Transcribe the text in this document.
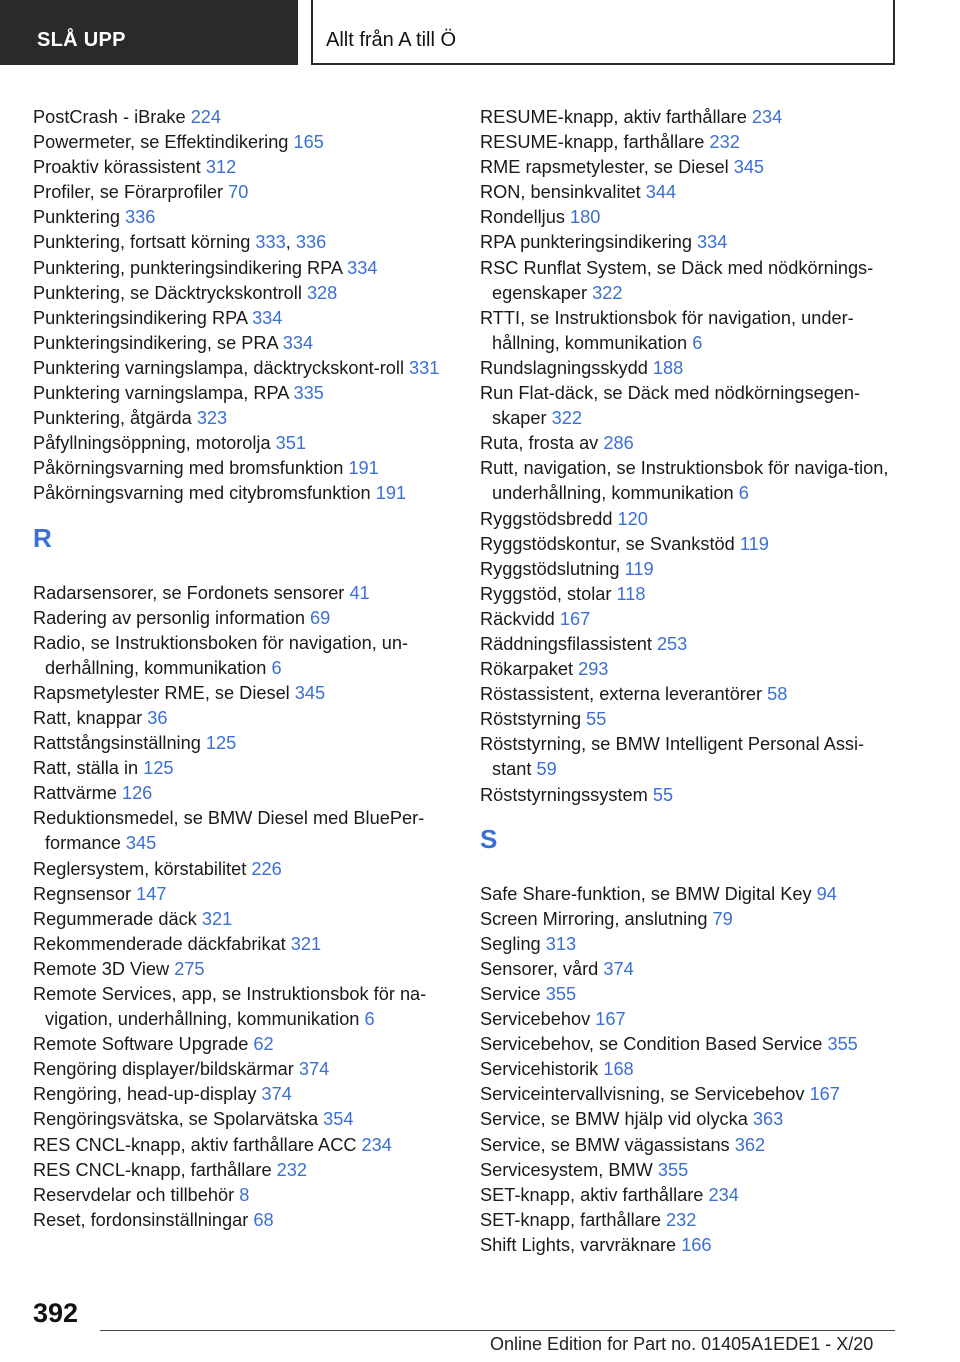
SLÅ UPP	Allt från A till Ö
PostCrash - iBrake 224
Powermeter, se Effektindikering 165
Proaktiv körassistent 312
Profiler, se Förarprofiler 70
Punktering 336
Punktering, fortsatt körning 333, 336
Punktering, punkteringsindikering RPA 334
Punktering, se Däcktryckskontroll 328
Punkteringsindikering RPA 334
Punkteringsindikering, se PRA 334
Punktering varningslampa, däcktryckskont-roll 331
Punktering varningslampa, RPA 335
Punktering, åtgärda 323
Påfyllningsöppning, motorolja 351
Påkörningsvarning med bromsfunktion 191
Påkörningsvarning med citybromsfunktion 191
R
Radarsensorer, se Fordonets sensorer 41
Radering av personlig information 69
Radio, se Instruktionsboken för navigation, un-derhållning, kommunikation 6
Rapsmetylester RME, se Diesel 345
Ratt, knappar 36
Rattstångsinställning 125
Ratt, ställa in 125
Rattvärme 126
Reduktionsmedel, se BMW Diesel med BluePer-formance 345
Reglersystem, körstabilitet 226
Regnsensor 147
Regummerade däck 321
Rekommenderade däckfabrikat 321
Remote 3D View 275
Remote Services, app, se Instruktionsbok för na-vigation, underhållning, kommunikation 6
Remote Software Upgrade 62
Rengöring displayer/bildskärmar 374
Rengöring, head-up-display 374
Rengöringsvätska, se Spolarvätska 354
RES CNCL-knapp, aktiv farthållare ACC 234
RES CNCL-knapp, farthållare 232
Reservdelar och tillbehör 8
Reset, fordonsinställningar 68
RESUME-knapp, aktiv farthållare 234
RESUME-knapp, farthållare 232
RME rapsmetylester, se Diesel 345
RON, bensinkvalitet 344
Rondelljus 180
RPA punkteringsindikering 334
RSC Runflat System, se Däck med nödkörnings-egenskaper 322
RTTI, se Instruktionsbok för navigation, under-hållning, kommunikation 6
Rundslagningsskydd 188
Run Flat-däck, se Däck med nödkörningsegen-skaper 322
Ruta, frosta av 286
Rutt, navigation, se Instruktionsbok för naviga-tion, underhållning, kommunikation 6
Ryggstödsbredd 120
Ryggstödskontur, se Svankstöd 119
Ryggstödslutning 119
Ryggstöd, stolar 118
Räckvidd 167
Räddningsfilassistent 253
Rökarpaket 293
Röstassistent, externa leverantörer 58
Röststyrning 55
Röststyrning, se BMW Intelligent Personal Assi-stant 59
Röststyrningssystem 55
S
Safe Share-funktion, se BMW Digital Key 94
Screen Mirroring, anslutning 79
Segling 313
Sensorer, vård 374
Service 355
Servicebehov 167
Servicebehov, se Condition Based Service 355
Servicehistorik 168
Serviceintervallvisning, se Servicebehov 167
Service, se BMW hjälp vid olycka 363
Service, se BMW vägassistans 362
Servicesystem, BMW 355
SET-knapp, aktiv farthållare 234
SET-knapp, farthållare 232
Shift Lights, varvräknare 166
392
Online Edition for Part no. 01405A1EDE1 - X/20
